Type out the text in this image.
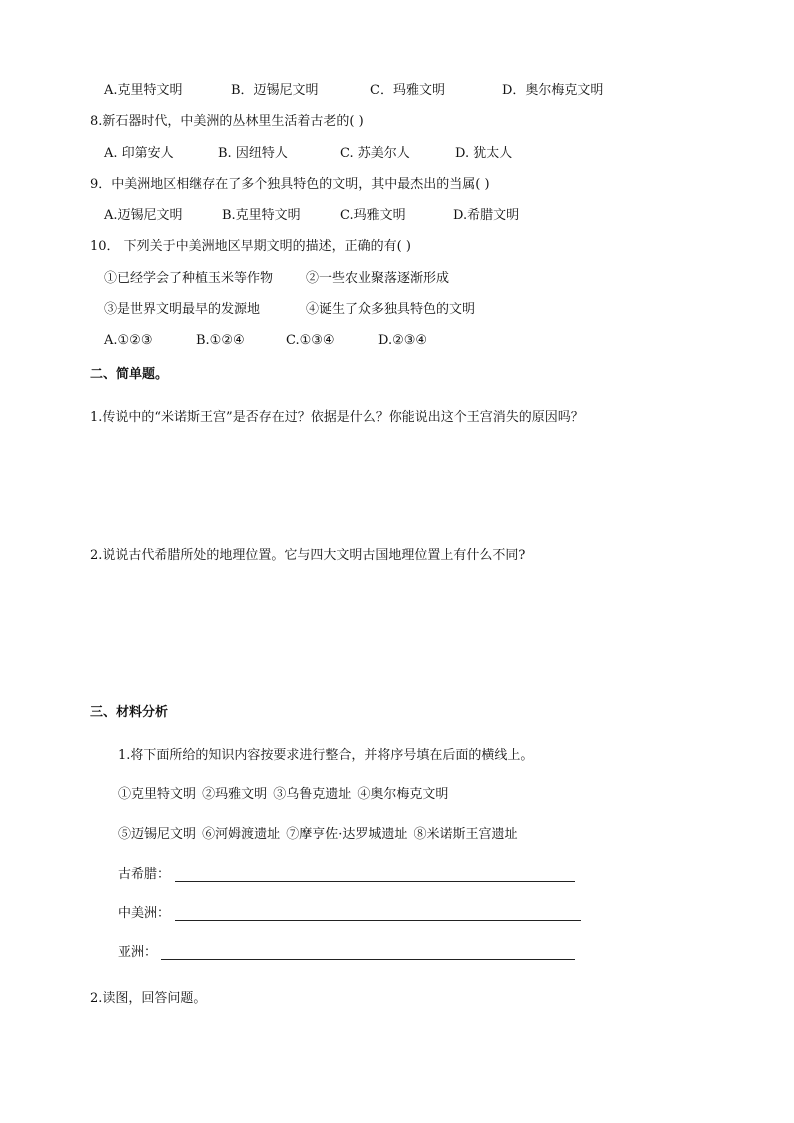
A.克里特文明	B．迈锡尼文明	C．玛雅文明	D．奥尔梅克文明
8.新石器时代，中美洲的丛林里生活着古老的( )
A. 印第安人	B. 因纽特人	C. 苏美尔人	D. 犹太人
9．中美洲地区相继存在了多个独具特色的文明，其中最杰出的当属( )
A.迈锡尼文明	B.克里特文明	C.玛雅文明	D.希腊文明
10． 下列关于中美洲地区早期文明的描述，正确的有( )
①已经学会了种植玉米等作物	②一些农业聚落逐渐形成
③是世界文明最早的发源地	④诞生了众多独具特色的文明
A.①②③	B.①②④	C.①③④	D.②③④
二、简单题。
1.传说中的“米诺斯王宫”是否存在过？依据是什么？你能说出这个王宫消失的原因吗？
2.说说古代希腊所处的地理位置。它与四大文明古国地理位置上有什么不同?
三、材料分析
1.将下面所给的知识内容按要求进行整合，并将序号填在后面的横线上。
①克里特文明 ②玛雅文明 ③乌鲁克遗址 ④奥尔梅克文明
⑤迈锡尼文明 ⑥河姆渡遗址 ⑦摩亨佐·达罗城遗址 ⑧米诺斯王宫遗址
古希腊：
中美洲：
亚洲：
2.读图，回答问题。
